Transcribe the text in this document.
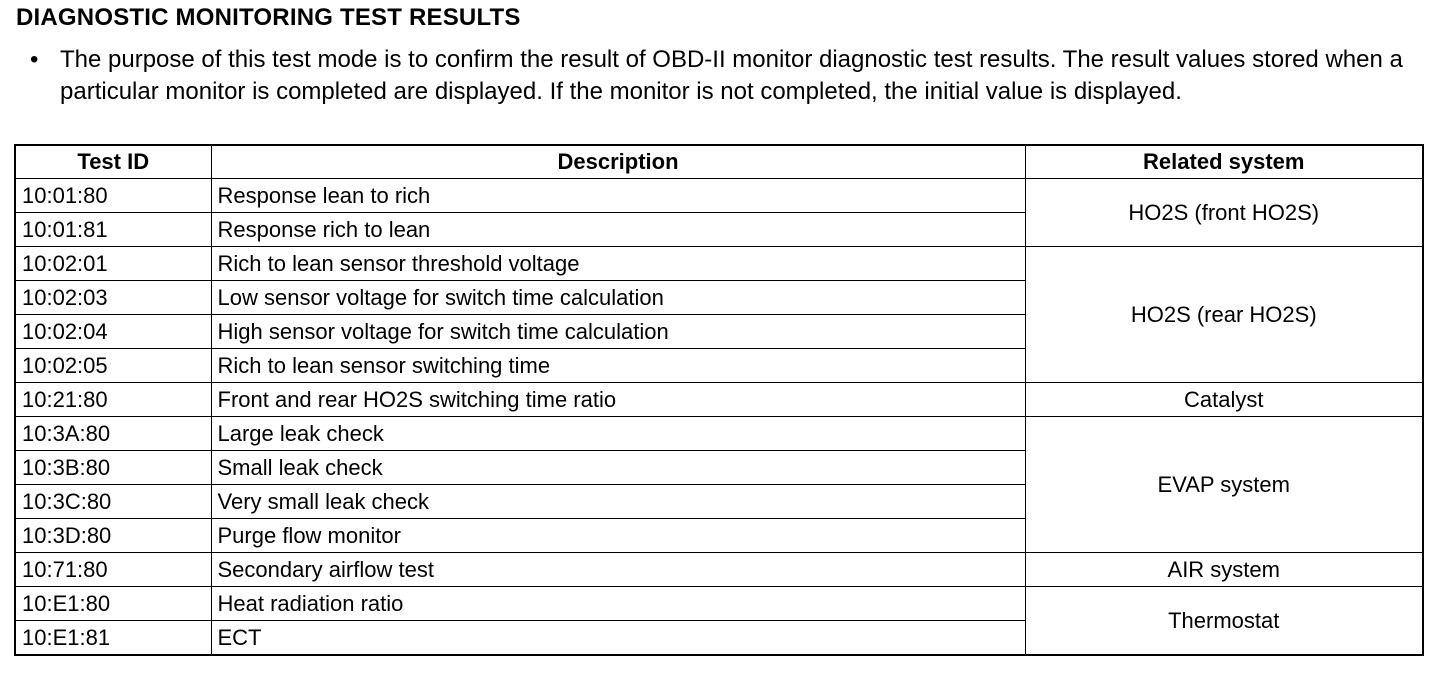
DIAGNOSTIC MONITORING TEST RESULTS
• The purpose of this test mode is to confirm the result of OBD-II monitor diagnostic test results. The result values stored when a particular monitor is completed are displayed. If the monitor is not completed, the initial value is displayed.
Test ID	Description	Related system
10:01:80	Response lean to rich	HO2S (front HO2S)
10:01:81	Response rich to lean	
10:02:01	Rich to lean sensor threshold voltage	HO2S (rear HO2S)
10:02:03	Low sensor voltage for switch time calculation	
10:02:04	High sensor voltage for switch time calculation	
10:02:05	Rich to lean sensor switching time	
10:21:80	Front and rear HO2S switching time ratio	Catalyst
10:3A:80	Large leak check	EVAP system
10:3B:80	Small leak check	
10:3C:80	Very small leak check	
10:3D:80	Purge flow monitor	
10:71:80	Secondary airflow test	AIR system
10:E1:80	Heat radiation ratio	Thermostat
10:E1:81	ECT	
